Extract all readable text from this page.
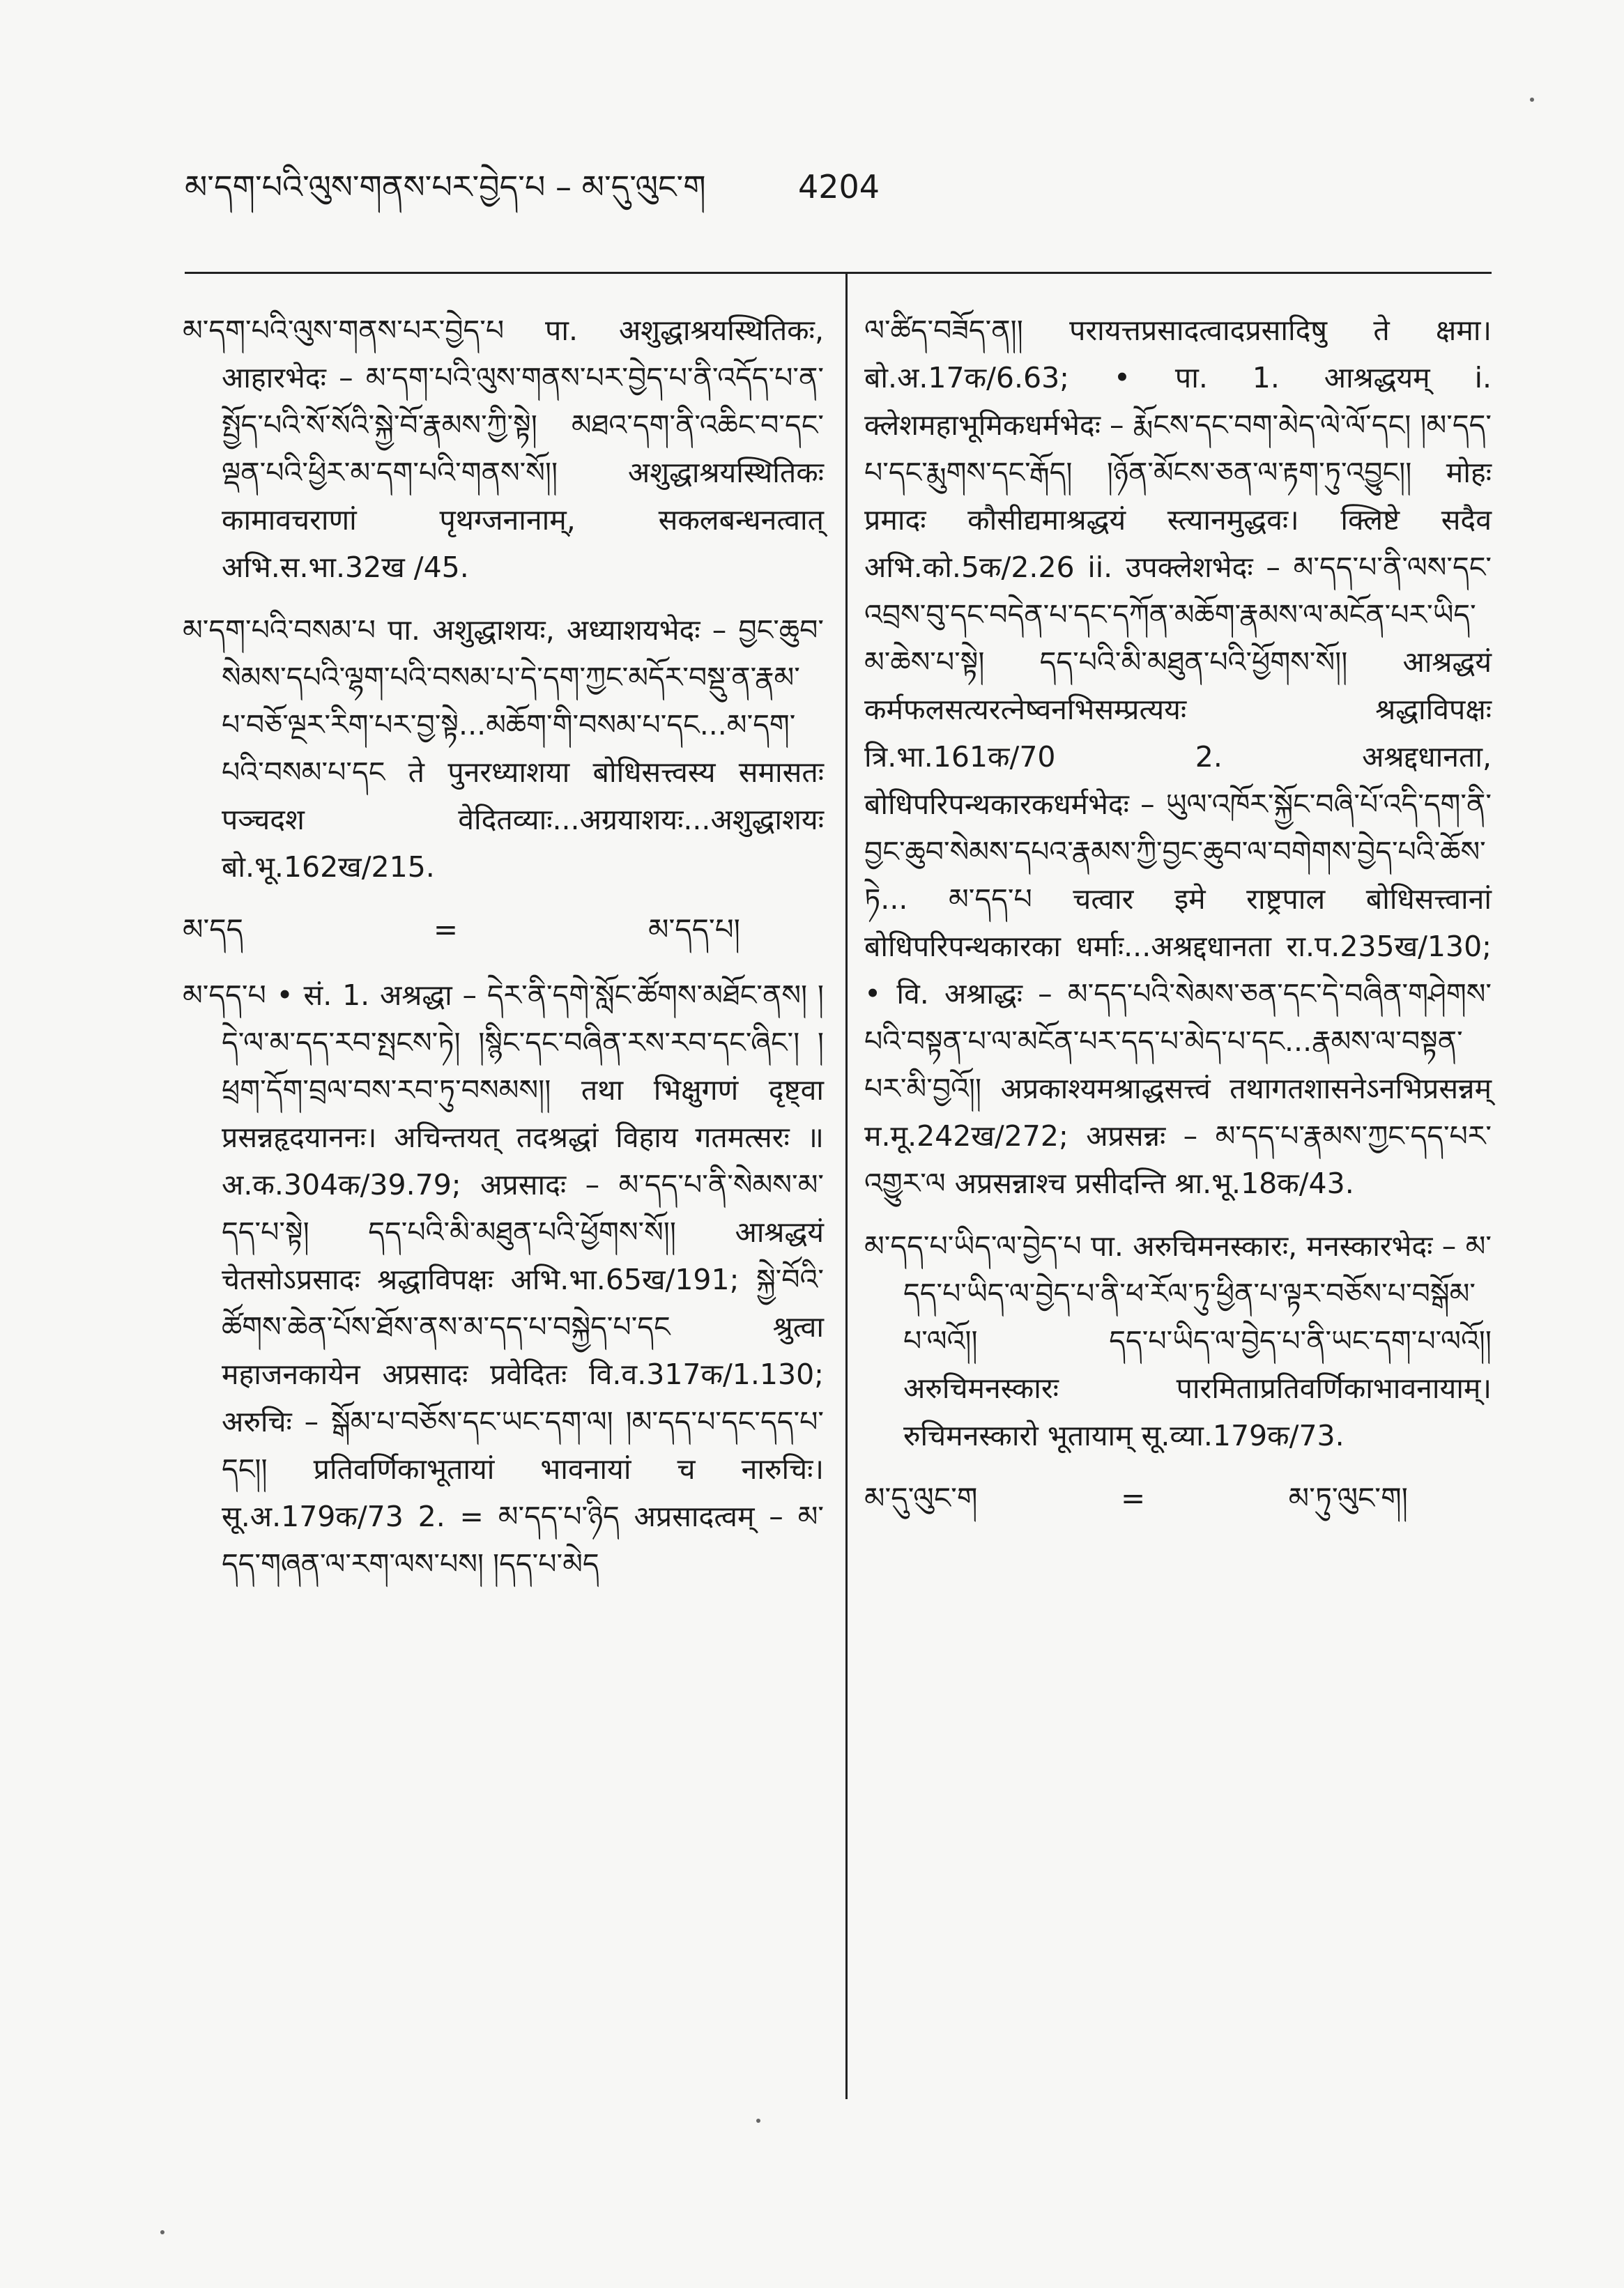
མ་དག་པའི་ལུས་གནས་པར་བྱེད་པ – མ་དུ་ལུང་ག	4204

མ་དག་པའི་ལུས་གནས་པར་བྱེད་པ पा. अशुद्धाश्रयस्थितिकः, आहारभेदः – མ་དག་པའི་ལུས་གནས་པར་བྱེད་པ་ནི་འདོད་པ་ན་སྤྱོད་པའི་སོ་སོའི་སྐྱེ་བོ་རྣམས་ཀྱི་སྟེ། མཐའ་དག་ནི་འཆིང་བ་དང་ལྡན་པའི་ཕྱིར་མ་དག་པའི་གནས་སོ།། अशुद्धाश्रयस्थितिकः कामावचराणां पृथग्जनानाम्, सकलबन्धनत्वात् अभि.स.भा.32ख /45.

མ་དག་པའི་བསམ་པ पा. अशुद्धाशयः, अध्याशयभेदः – བྱང་ཆུབ་སེམས་དཔའི་ལྷག་པའི་བསམ་པ་དེ་དག་ཀྱང་མདོར་བསྡུ་ན་རྣམ་པ་བཅོ་ལྔར་རིག་པར་བྱ་སྟེ...མཆོག་གི་བསམ་པ་དང...མ་དག་པའི་བསམ་པ་དང ते पुनरध्याशया बोधिसत्त्वस्य समासतः पञ्चदश वेदितव्याः...अग्रयाशयः...अशुद्धाशयः बो.भू.162ख/215.

མ་དད	=	མ་དད་པ།

མ་དད་པ • सं. 1. अश्रद्धा – དེར་ནི་དགེ་སློང་ཚོགས་མཐོང་ནས། །དེ་ལ་མ་དད་རབ་སྤངས་ཏེ། །སྙིང་དང་བཞིན་རས་རབ་དང་ཞིང་། །ཕྲག་དོག་བྲལ་བས་རབ་ཏུ་བསམས།། तथा भिक्षुगणं दृष्ट्वा प्रसन्नहृदयाननः। अचिन्तयत् तदश्रद्धां विहाय गतमत्सरः ॥ अ.क.304क/39.79; अप्रसादः – མ་དད་པ་ནི་སེམས་མ་དད་པ་སྟེ། དད་པའི་མི་མཐུན་པའི་ཕྱོགས་སོ།། आश्रद्धयं चेतसोऽप्रसादः श्रद्धाविपक्षः अभि.भा.65ख/191; སྐྱེ་བོའི་ཚོགས་ཆེན་པོས་ཐོས་ནས་མ་དད་པ་བསྐྱེད་པ་དང श्रुत्वा महाजनकायेन अप्रसादः प्रवेदितः वि.व.317क/1.130; अरुचिः – སྒོམ་པ་བཅོས་དང་ཡང་དག་ལ། །མ་དད་པ་དང་དད་པ་དང།། प्रतिवर्णिकाभूतायां भावनायां च नारुचिः। सू.अ.179क/73 2. = མ་དད་པ་ཉིད अप्रसादत्वम् – མ་དད་གཞན་ལ་རག་ལས་པས། །དད་པ་མེད

ལ་ཚིད་བཟོད་ན།། परायत्तप्रसादत्वादप्रसादिषु ते क्षमा। बो.अ.17क/6.63; • पा. 1. आश्रद्धयम् i. क्लेशमहाभूमिकधर्मभेदः – རྨོངས་དང་བག་མེད་ལེ་ལོ་དང། །མ་དད་པ་དང་རྨུགས་དང་རྒོད། །ཉོན་མོངས་ཅན་ལ་རྟག་ཏུ་འབྱུང།། मोहः प्रमादः कौसीद्यमाश्रद्धयं स्त्यानमुद्धवः। क्लिष्टे सदैव अभि.को.5क/2.26 ii. उपक्लेशभेदः – མ་དད་པ་ནི་ལས་དང་འབྲས་བུ་དང་བདེན་པ་དང་དཀོན་མཆོག་རྣམས་ལ་མངོན་པར་ཡིད་མ་ཆེས་པ་སྟེ། དད་པའི་མི་མཐུན་པའི་ཕྱོགས་སོ།། आश्रद्धयं कर्मफलसत्यरत्नेष्वनभिसम्प्रत्ययः श्रद्धाविपक्षः त्रि.भा.161क/70 2. अश्रद्दधानता, बोधिपरिपन्थकारकधर्मभेदः – ཡུལ་འཁོར་སྐྱོང་བཞི་པོ་འདི་དག་ནི་བྱང་ཆུབ་སེམས་དཔའ་རྣམས་ཀྱི་བྱང་ཆུབ་ལ་བགེགས་བྱེད་པའི་ཆོས་ཏེ... མ་དད་པ चत्वार इमे राष्ट्रपाल बोधिसत्त्वानां बोधिपरिपन्थकारका धर्माः...अश्रद्दधानता रा.प.235ख/130; • वि. अश्राद्धः – མ་དད་པའི་སེམས་ཅན་དང་དེ་བཞིན་གཤེགས་པའི་བསྟན་པ་ལ་མངོན་པར་དད་པ་མེད་པ་དང...རྣམས་ལ་བསྟན་པར་མི་བྱའོ།། अप्रकाश्यमश्राद्धसत्त्वं तथागतशासनेऽनभिप्रसन्नम् म.मू.242ख/272; अप्रसन्नः – མ་དད་པ་རྣམས་ཀྱང་དད་པར་འགྱུར་ལ अप्रसन्नाश्च प्रसीदन्ति श्रा.भू.18क/43.

མ་དད་པ་ཡིད་ལ་བྱེད་པ पा. अरुचिमनस्कारः, मनस्कारभेदः – མ་དད་པ་ཡིད་ལ་བྱེད་པ་ནི་ཕ་རོལ་ཏུ་ཕྱིན་པ་ལྟར་བཅོས་པ་བསྒོམ་པ་ལའོ།། དད་པ་ཡིད་ལ་བྱེད་པ་ནི་ཡང་དག་པ་ལའོ།། अरुचिमनस्कारः पारमिताप्रतिवर्णिकाभावनायाम्। रुचिमनस्कारो भूतायाम् सू.व्या.179क/73.

མ་དུ་ལུང་ག	=	མ་ཏུ་ལུང་ག།
